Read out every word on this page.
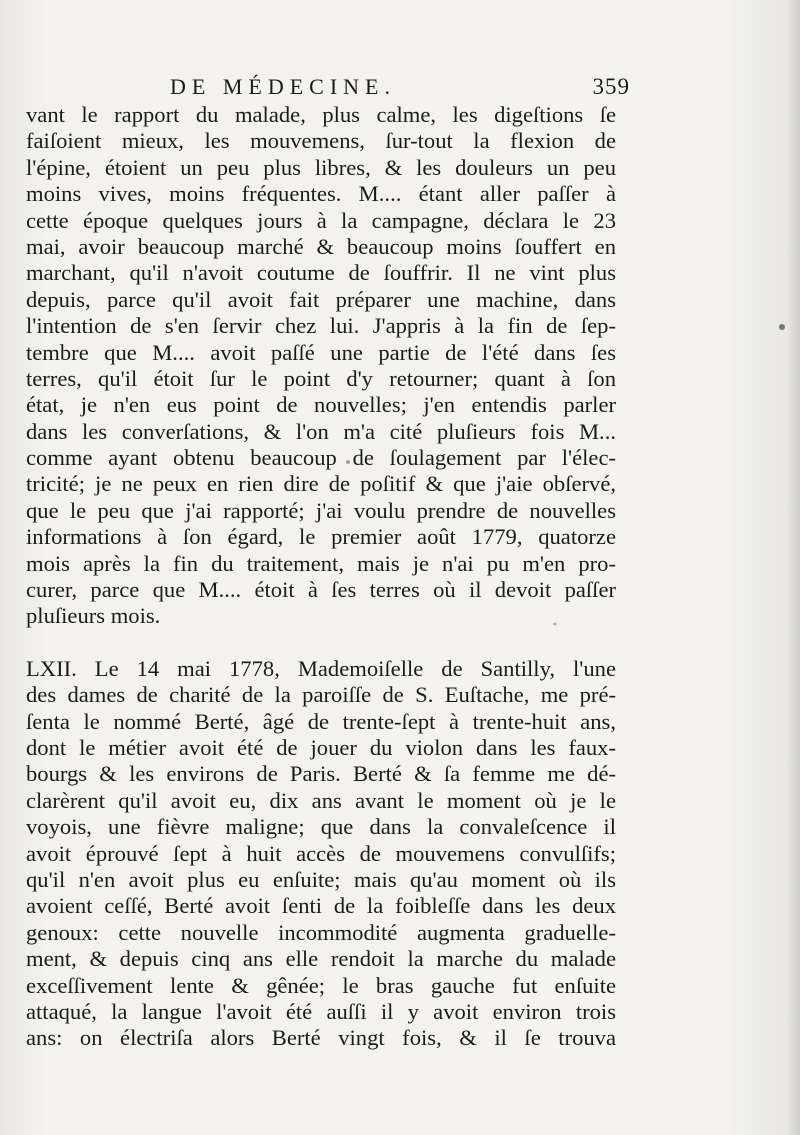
DE MÉDECINE.	359
vant le rapport du malade, plus calme, les digeſtions ſe
faiſoient mieux, les mouvemens, ſur-tout la flexion de
l'épine, étoient un peu plus libres, & les douleurs un peu
moins vives, moins fréquentes. M.... étant aller paſſer à
cette époque quelques jours à la campagne, déclara le 23
mai, avoir beaucoup marché & beaucoup moins ſouffert en
marchant, qu'il n'avoit coutume de ſouffrir. Il ne vint plus
depuis, parce qu'il avoit fait préparer une machine, dans
l'intention de s'en ſervir chez lui. J'appris à la fin de ſep-
tembre que M.... avoit paſſé une partie de l'été dans ſes
terres, qu'il étoit ſur le point d'y retourner; quant à ſon
état, je n'en eus point de nouvelles; j'en entendis parler
dans les converſations, & l'on m'a cité pluſieurs fois M...
comme ayant obtenu beaucoup de ſoulagement par l'élec-
tricité; je ne peux en rien dire de poſitif & que j'aie obſervé,
que le peu que j'ai rapporté; j'ai voulu prendre de nouvelles
informations à ſon égard, le premier août 1779, quatorze
mois après la fin du traitement, mais je n'ai pu m'en pro-
curer, parce que M.... étoit à ſes terres où il devoit paſſer
pluſieurs mois.
LXII. Le 14 mai 1778, Mademoiſelle de Santilly, l'une
des dames de charité de la paroiſſe de S. Euſtache, me pré-
ſenta le nommé Berté, âgé de trente-ſept à trente-huit ans,
dont le métier avoit été de jouer du violon dans les faux-
bourgs & les environs de Paris. Berté & ſa femme me dé-
clarèrent qu'il avoit eu, dix ans avant le moment où je le
voyois, une fièvre maligne; que dans la convaleſcence il
avoit éprouvé ſept à huit accès de mouvemens convulſifs;
qu'il n'en avoit plus eu enſuite; mais qu'au moment où ils
avoient ceſſé, Berté avoit ſenti de la foibleſſe dans les deux
genoux: cette nouvelle incommodité augmenta graduelle-
ment, & depuis cinq ans elle rendoit la marche du malade
exceſſivement lente & gênée; le bras gauche fut enſuite
attaqué, la langue l'avoit été auſſi il y avoit environ trois
ans: on électriſa alors Berté vingt fois, & il ſe trouva
